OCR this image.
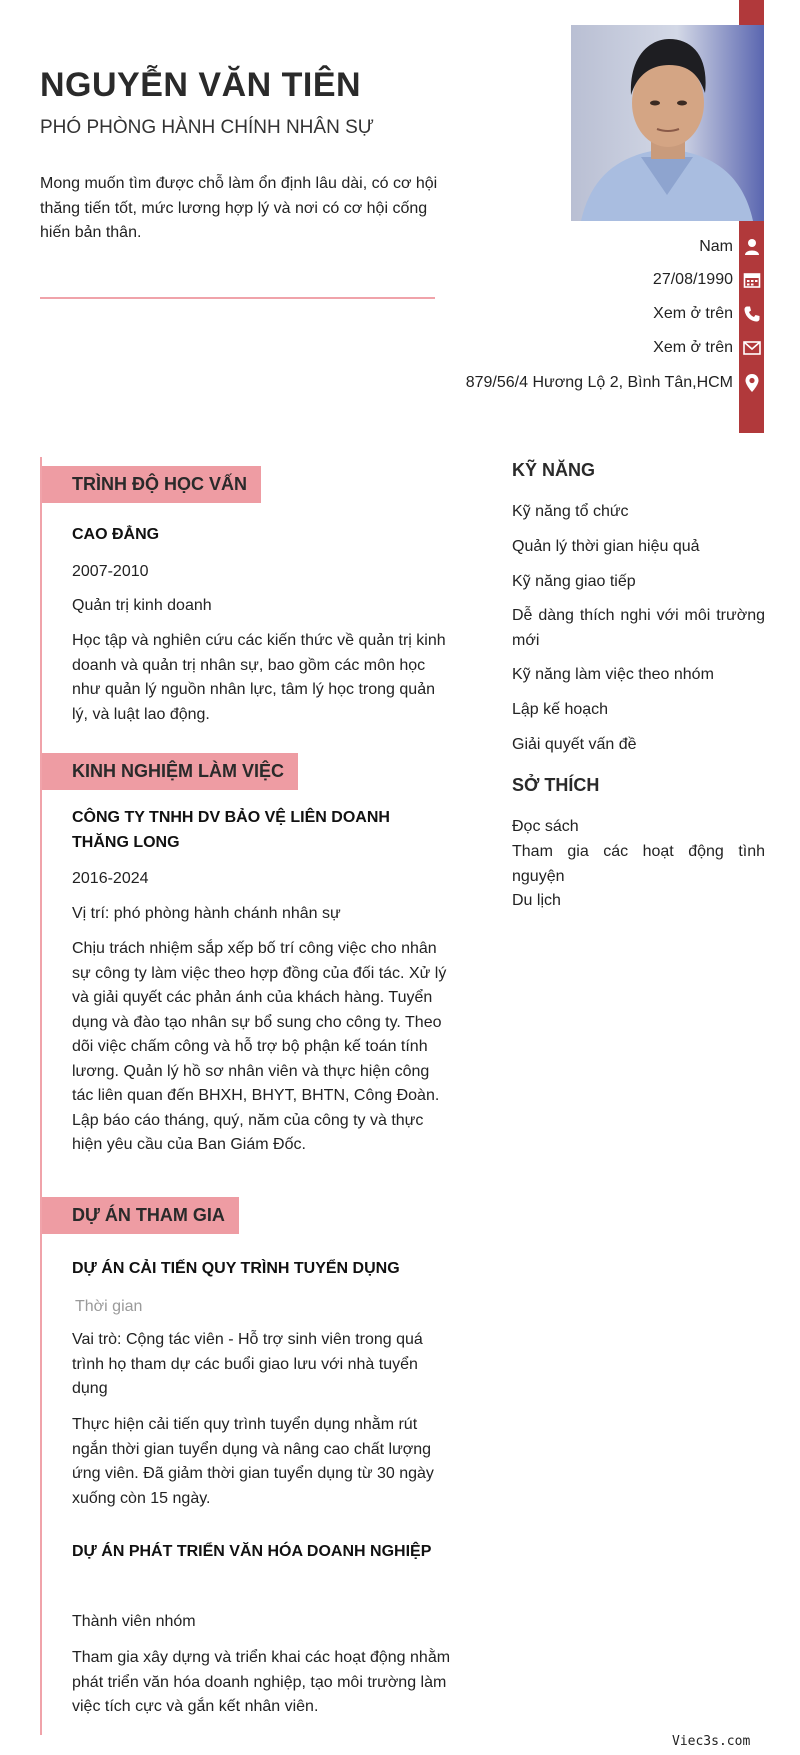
NGUYỄN VĂN TIÊN
PHÓ PHÒNG HÀNH CHÍNH NHÂN SỰ
Mong muốn tìm được chỗ làm ổn định lâu dài, có cơ hội thăng tiến tốt, mức lương hợp lý và nơi có cơ hội cống hiến bản thân.
Nam
27/08/1990
Xem ở trên
Xem ở trên
879/56/4 Hương Lộ 2, Bình Tân,HCM
TRÌNH ĐỘ HỌC VẤN
CAO ĐẲNG
2007-2010
Quản trị kinh doanh
Học tập và nghiên cứu các kiến thức về quản trị kinh doanh và quản trị nhân sự, bao gồm các môn học như quản lý nguồn nhân lực, tâm lý học trong quản lý, và luật lao động.
KINH NGHIỆM LÀM VIỆC
CÔNG TY TNHH DV BẢO VỆ LIÊN DOANH THĂNG LONG
2016-2024
Vị trí: phó phòng hành chánh nhân sự
Chịu trách nhiệm sắp xếp bố trí công việc cho nhân sự công ty làm việc theo hợp đồng của đối tác. Xử lý và giải quyết các phản ánh của khách hàng. Tuyển dụng và đào tạo nhân sự bổ sung cho công ty. Theo dõi việc chấm công và hỗ trợ bộ phận kế toán tính lương. Quản lý hồ sơ nhân viên và thực hiện công tác liên quan đến BHXH, BHYT, BHTN, Công Đoàn. Lập báo cáo tháng, quý, năm của công ty và thực hiện yêu cầu của Ban Giám Đốc.
DỰ ÁN THAM GIA
DỰ ÁN CẢI TIẾN QUY TRÌNH TUYỂN DỤNG
Thời gian
Vai trò: Cộng tác viên - Hỗ trợ sinh viên trong quá trình họ tham dự các buổi giao lưu với nhà tuyển dụng
Thực hiện cải tiến quy trình tuyển dụng nhằm rút ngắn thời gian tuyển dụng và nâng cao chất lượng ứng viên. Đã giảm thời gian tuyển dụng từ 30 ngày xuống còn 15 ngày.
DỰ ÁN PHÁT TRIỂN VĂN HÓA DOANH NGHIỆP
Thành viên nhóm
Tham gia xây dựng và triển khai các hoạt động nhằm phát triển văn hóa doanh nghiệp, tạo môi trường làm việc tích cực và gắn kết nhân viên.
KỸ NĂNG
Kỹ năng tổ chức
Quản lý thời gian hiệu quả
Kỹ năng giao tiếp
Dễ dàng thích nghi với môi trường mới
Kỹ năng làm việc theo nhóm
Lập kế hoạch
Giải quyết vấn đề
SỞ THÍCH
Đọc sách
Tham gia các hoạt động tình nguyện
Du lịch
Viec3s.com
